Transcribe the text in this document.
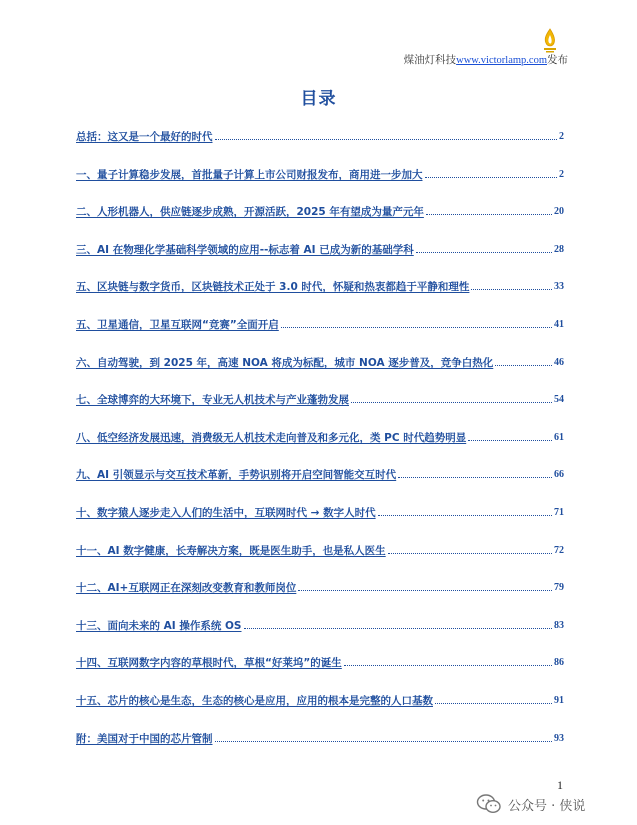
煤油灯科技www.victorlamp.com发布
目录
总括：这又是一个最好的时代	2
一、量子计算稳步发展，首批量子计算上市公司财报发布，商用进一步加大	2
二、人形机器人，供应链逐步成熟，开源活跃，2025 年有望成为量产元年	20
三、AI 在物理化学基础科学领域的应用--标志着 AI 已成为新的基础学科	28
五、区块链与数字货币，区块链技术正处于 3.0 时代，怀疑和热衷都趋于平静和理性	33
五、卫星通信，卫星互联网“竞赛”全面开启	41
六、自动驾驶，到 2025 年，高速 NOA 将成为标配，城市 NOA 逐步普及，竞争白热化	46
七、全球博弈的大环境下，专业无人机技术与产业蓬勃发展	54
八、低空经济发展迅速，消费级无人机技术走向普及和多元化，类 PC 时代趋势明显	61
九、AI 引领显示与交互技术革新，手势识别将开启空间智能交互时代	66
十、数字猿人逐步走入人们的生活中，互联网时代 → 数字人时代	71
十一、AI 数字健康，长寿解决方案，既是医生助手，也是私人医生	72
十二、AI+互联网正在深刻改变教育和教师岗位	79
十三、面向未来的 AI 操作系统 OS	83
十四、互联网数字内容的草根时代，草根“好莱坞”的诞生	86
十五、芯片的核心是生态，生态的核心是应用，应用的根本是完整的人口基数	91
附：美国对于中国的芯片管制	93
1
公众号 · 侠说
